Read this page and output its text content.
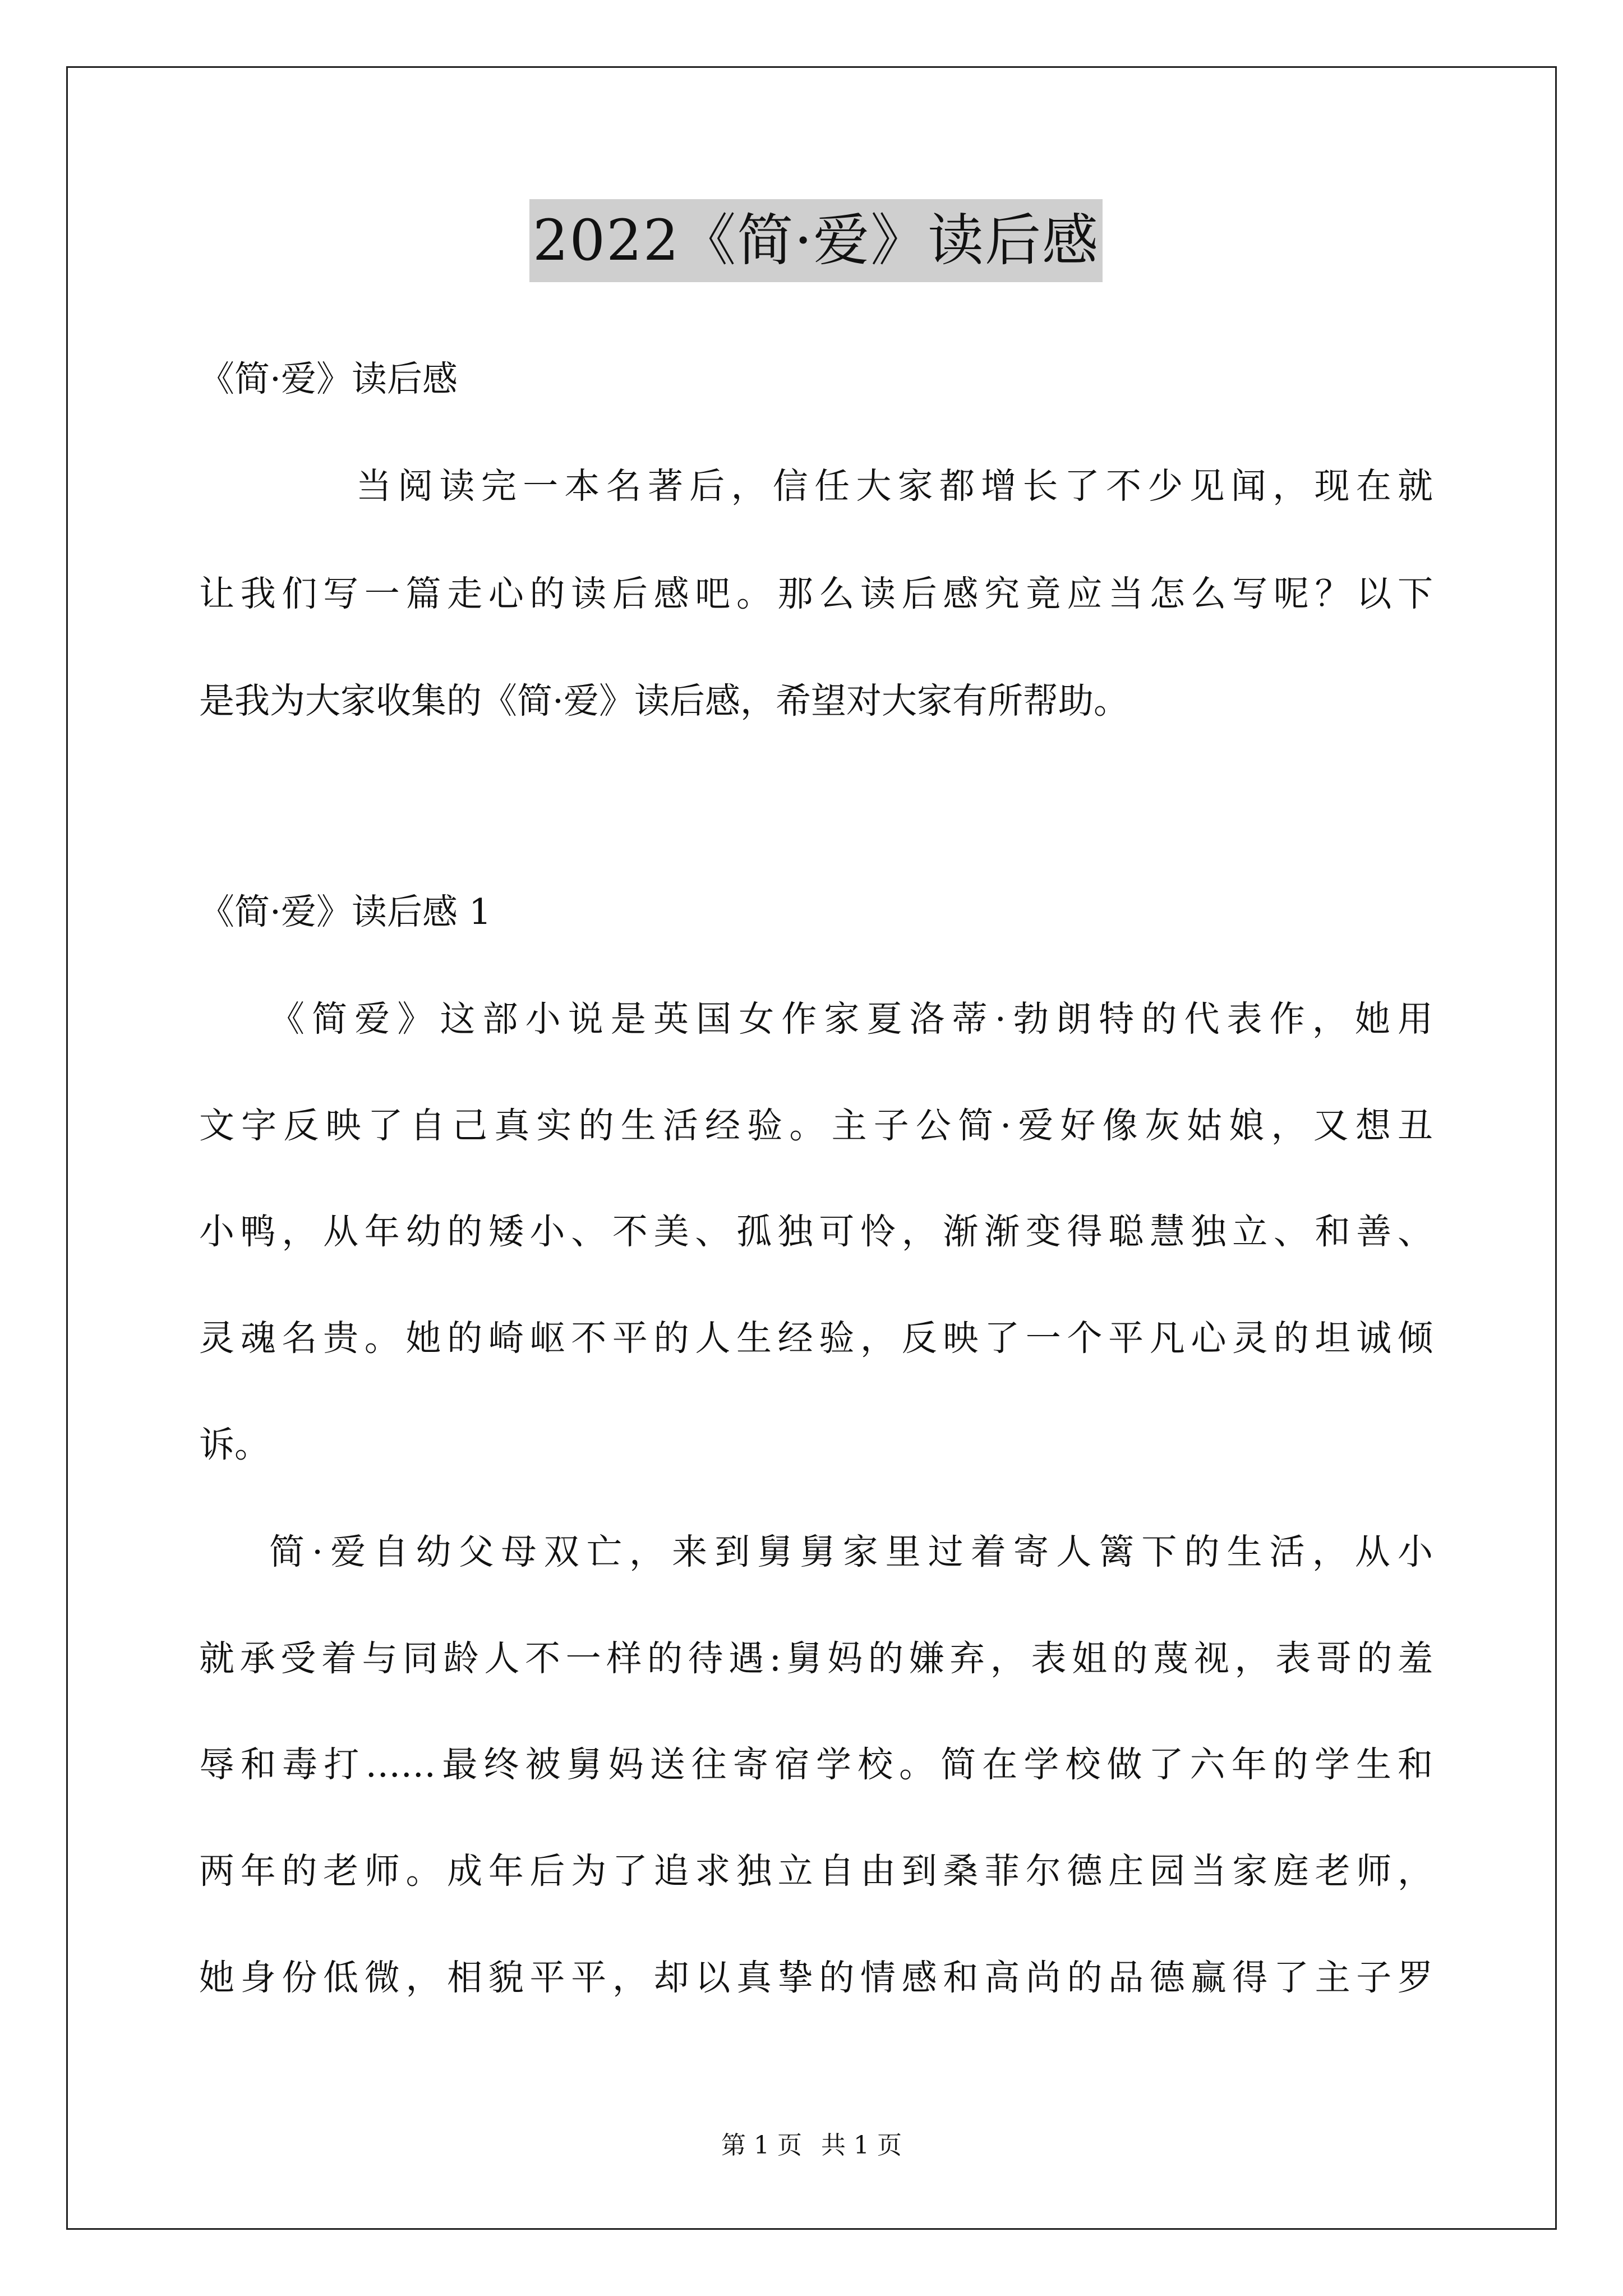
2022《简·爱》读后感
《简·爱》读后感
当阅读完一本名著后，信任大家都增长了不少见闻，现在就
让我们写一篇走心的读后感吧。那么读后感究竟应当怎么写呢？以下
是我为大家收集的《简·爱》读后感，希望对大家有所帮助。
《简·爱》读后感 1
《简爱》这部小说是英国女作家夏洛蒂·勃朗特的代表作，她用
文字反映了自己真实的生活经验。主子公简·爱好像灰姑娘，又想丑
小鸭，从年幼的矮小、不美、孤独可怜，渐渐变得聪慧独立、和善、
灵魂名贵。她的崎岖不平的人生经验，反映了一个平凡心灵的坦诚倾
诉。
简·爱自幼父母双亡，来到舅舅家里过着寄人篱下的生活，从小
就承受着与同龄人不一样的待遇:舅妈的嫌弃，表姐的蔑视，表哥的羞
辱和毒打……最终被舅妈送往寄宿学校。简在学校做了六年的学生和
两年的老师。成年后为了追求独立自由到桑菲尔德庄园当家庭老师，
她身份低微，相貌平平，却以真挚的情感和高尚的品德赢得了主子罗
第 1 页 共 1 页
